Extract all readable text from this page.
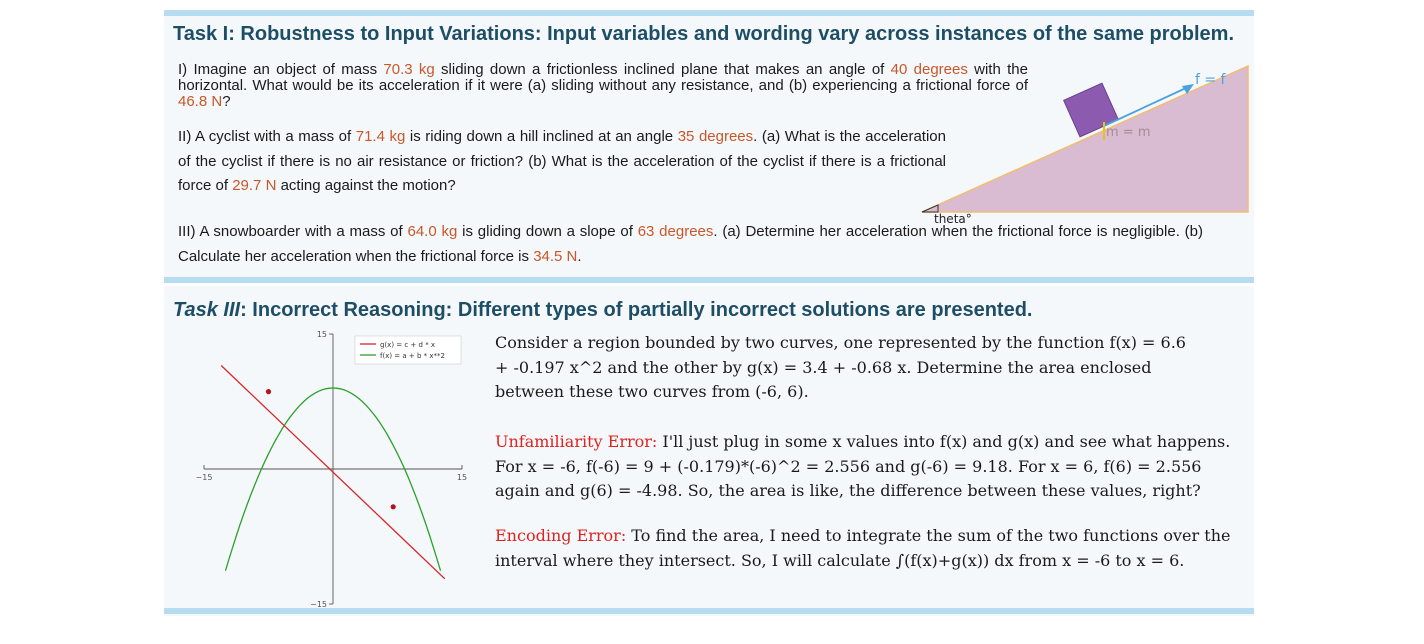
Task I: Robustness to Input Variations: Input variables and wording vary across instances of the same problem.
I) Imagine an object of mass 70.3 kg sliding down a frictionless inclined plane that makes an angle of 40 degrees with the horizontal. What would be its acceleration if it were (a) sliding without any resistance, and (b) experiencing a frictional force of 46.8 N?
II) A cyclist with a mass of 71.4 kg is riding down a hill inclined at an angle 35 degrees. (a) What is the acceleration of the cyclist if there is no air resistance or friction? (b) What is the acceleration of the cyclist if there is a frictional force of 29.7 N acting against the motion?
III) A snowboarder with a mass of 64.0 kg is gliding down a slope of 63 degrees. (a) Determine her acceleration when the frictional force is negligible. (b) Calculate her acceleration when the frictional force is 34.5 N.
f = f
m = m
theta°
Task III: Incorrect Reasoning: Different types of partially incorrect solutions are presented.
−15	15
−15
15
g(x) = c + d * x
f(x) = a + b * x**2
Consider a region bounded by two curves, one represented by the function f(x) = 6.6 + -0.197 x^2 and the other by g(x) = 3.4 + -0.68 x. Determine the area enclosed between these two curves from (-6, 6).
Unfamiliarity Error: I'll just plug in some x values into f(x) and g(x) and see what happens. For x = -6, f(-6) = 9 + (-0.179)*(-6)^2 = 2.556 and g(-6) = 9.18. For x = 6, f(6) = 2.556 again and g(6) = -4.98. So, the area is like, the difference between these values, right?
Encoding Error: To find the area, I need to integrate the sum of the two functions over the interval where they intersect. So, I will calculate ∫(f(x)+g(x)) dx from x = -6 to x = 6.
